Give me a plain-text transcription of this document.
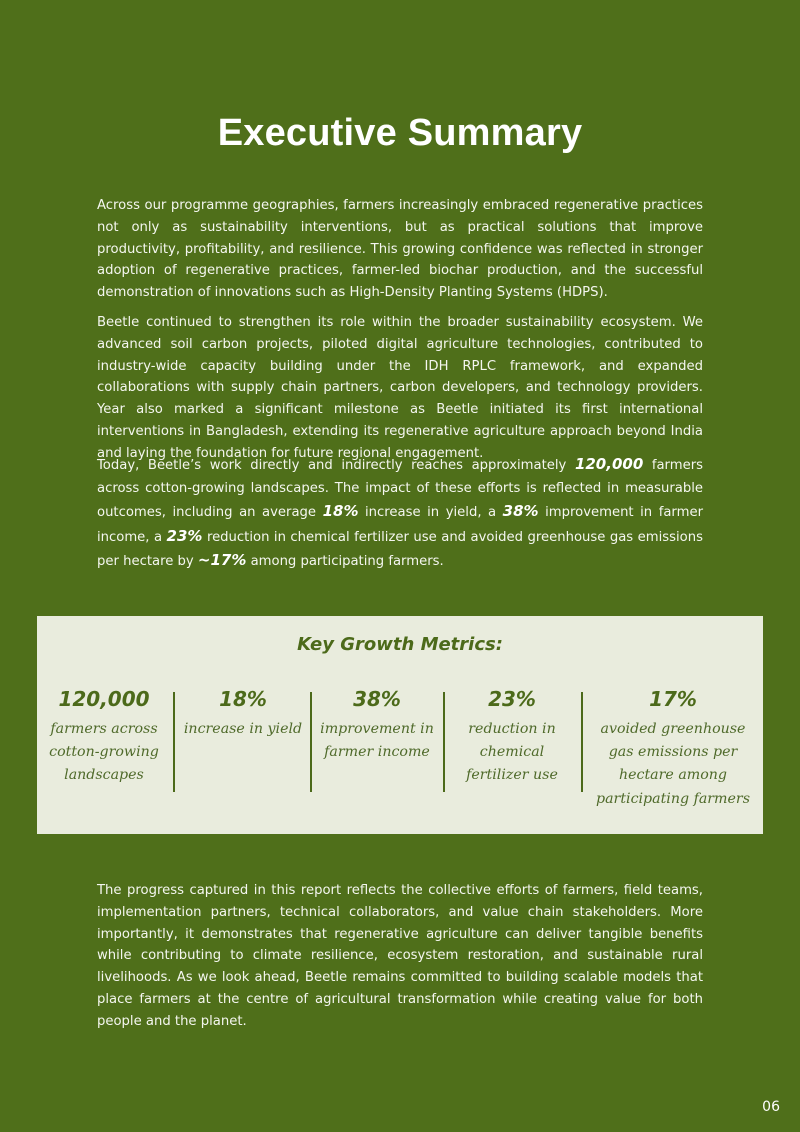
Executive Summary

Across our programme geographies, farmers increasingly embraced regenerative practices not only as sustainability interventions, but as practical solutions that improve productivity, profitability, and resilience. This growing confidence was reflected in stronger adoption of regenerative practices, farmer-led biochar production, and the successful demonstration of innovations such as High-Density Planting Systems (HDPS).

Beetle continued to strengthen its role within the broader sustainability ecosystem. We advanced soil carbon projects, piloted digital agriculture technologies, contributed to industry-wide capacity building under the IDH RPLC framework, and expanded collaborations with supply chain partners, carbon developers, and technology providers. Year also marked a significant milestone as Beetle initiated its first international interventions in Bangladesh, extending its regenerative agriculture approach beyond India and laying the foundation for future regional engagement.

Today, Beetle’s work directly and indirectly reaches approximately 120,000 farmers across cotton-growing landscapes. The impact of these efforts is reflected in measurable outcomes, including an average 18% increase in yield, a 38% improvement in farmer income, a 23% reduction in chemical fertilizer use and avoided greenhouse gas emissions per hectare by ~17% among participating farmers.

Key Growth Metrics:
120,000
farmers across cotton-growing landscapes
18%
increase in yield
38%
improvement in farmer income
23%
reduction in chemical fertilizer use
17%
avoided greenhouse gas emissions per hectare among participating farmers

The progress captured in this report reflects the collective efforts of farmers, field teams, implementation partners, technical collaborators, and value chain stakeholders. More importantly, it demonstrates that regenerative agriculture can deliver tangible benefits while contributing to climate resilience, ecosystem restoration, and sustainable rural livelihoods. As we look ahead, Beetle remains committed to building scalable models that place farmers at the centre of agricultural transformation while creating value for both people and the planet.

06
